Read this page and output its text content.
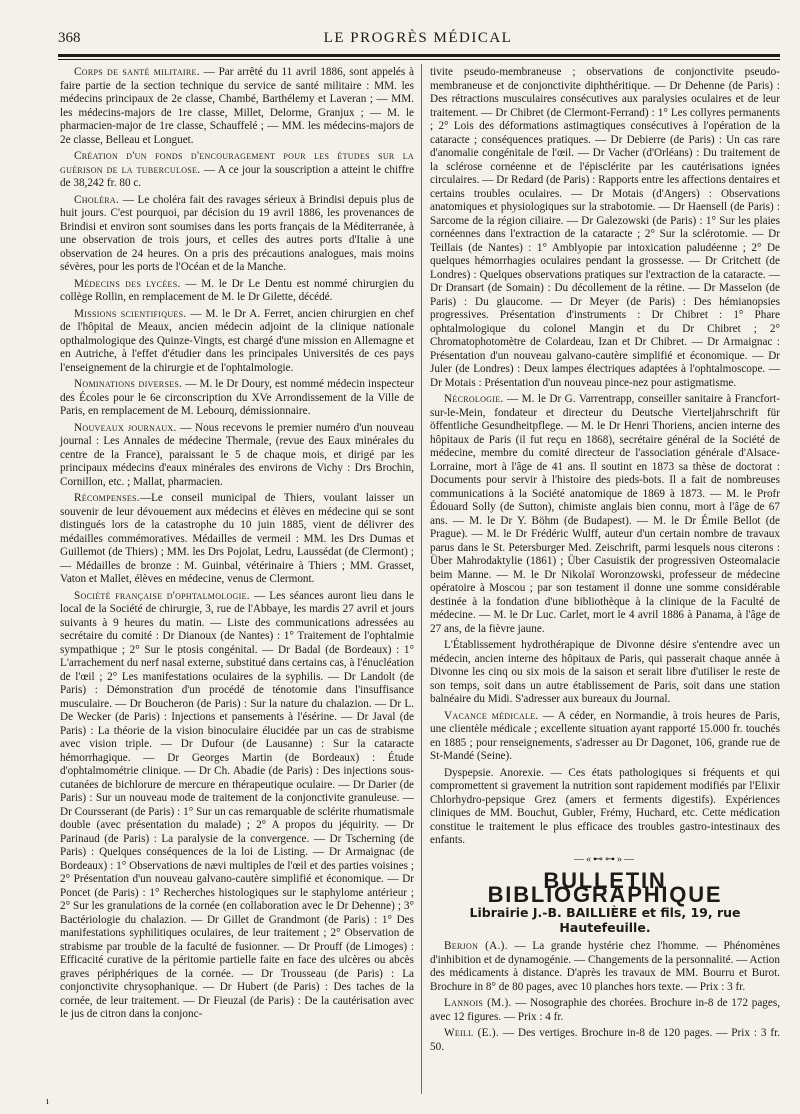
368	LE PROGRÈS MÉDICAL

Corps de santé militaire. — Par arrêté du 11 avril 1886, sont appelés à faire partie de la section technique du service de santé militaire : MM. les médecins principaux de 2e classe, Chambé, Barthélemy et Laveran ; — MM. les médecins-majors de 1re classe, Millet, Delorme, Granjux ; — M. le pharmacien-major de 1re classe, Schauffelé ; — MM. les médecins-majors de 2e classe, Belleau et Longuet.

Création d'un fonds d'encouragement pour les études sur la guérison de la tuberculose. — A ce jour la souscription a atteint le chiffre de 38,242 fr. 80 c.

Choléra. — Le choléra fait des ravages sérieux à Brindisi depuis plus de huit jours. C'est pourquoi, par décision du 19 avril 1886, les provenances de Brindisi et environ sont soumises dans les ports français de la Méditerranée, à une observation de trois jours, et celles des autres ports d'Italie à une observation de 24 heures. On a pris des précautions analogues, mais moins sévères, pour les ports de l'Océan et de la Manche.

Médecins des lycées. — M. le Dr Le Dentu est nommé chirurgien du collège Rollin, en remplacement de M. le Dr Gilette, décédé.

Missions scientifiques. — M. le Dr A. Ferret, ancien chirurgien en chef de l'hôpital de Meaux, ancien médecin adjoint de la clinique nationale opthalmologique des Quinze-Vingts, est chargé d'une mission en Allemagne et en Autriche, à l'effet d'étudier dans les principales Universités de ces pays l'enseignement de la chirurgie et de l'ophtalmologie.

Nominations diverses. — M. le Dr Doury, est nommé médecin inspecteur des Écoles pour le 6e circonscription du XVe Arrondissement de la Ville de Paris, en remplacement de M. Lebourq, démissionnaire.

Nouveaux journaux. — Nous recevons le premier numéro d'un nouveau journal : Les Annales de médecine Thermale, (revue des Eaux minérales du centre de la France), paraissant le 5 de chaque mois, et dirigé par les principaux médecins d'eaux minérales des environs de Vichy : Drs Brochin, Cornillon, etc. ; Mallat, pharmacien.

Récompenses.—Le conseil municipal de Thiers, voulant laisser un souvenir de leur dévouement aux médecins et élèves en médecine qui se sont distingués lors de la catastrophe du 10 juin 1885, vient de délivrer des médailles commémoratives. Médailles de vermeil : MM. les Drs Dumas et Guillemot (de Thiers) ; MM. les Drs Pojolat, Ledru, Laussédat (de Clermont) ; — Médailles de bronze : M. Guinbal, vétérinaire à Thiers ; MM. Grasset, Vaton et Mallet, élèves en médecine, venus de Clermont.

Société française d'ophtalmologie. — Les séances auront lieu dans le local de la Société de chirurgie, 3, rue de l'Abbaye, les mardis 27 avril et jours suivants à 9 heures du matin. — Liste des communications adressées au secrétaire du comité : Dr Dianoux (de Nantes) : 1° Traitement de l'ophtalmie sympathique ; 2° Sur le ptosis congénital. — Dr Badal (de Bordeaux) : 1° L'arrachement du nerf nasal externe, substitué dans certains cas, à l'énucléation de l'œil ; 2° Les manifestations oculaires de la syphilis. — Dr Landolt (de Paris) : Démonstration d'un procédé de ténotomie dans l'insuffisance musculaire. — Dr Boucheron (de Paris) : Sur la nature du chalazion. — Dr L. De Wecker (de Paris) : Injections et pansements à l'ésérine. — Dr Javal (de Paris) : La théorie de la vision binoculaire élucidée par un cas de strabisme avec vision triple. — Dr Dufour (de Lausanne) : Sur la cataracte hémorrhagique. — Dr Georges Martin (de Bordeaux) : Étude d'ophtalmométrie clinique. — Dr Ch. Abadie (de Paris) : Des injections sous-cutanées de bichlorure de mercure en thérapeutique oculaire. — Dr Darier (de Paris) : Sur un nouveau mode de traitement de la conjonctivite granuleuse. — Dr Coursserant (de Paris) : 1° Sur un cas remarquable de sclérite rhumatismale double (avec présentation du malade) ; 2° A propos du jéquirity. — Dr Parinaud (de Paris) : La paralysie de la convergence. — Dr Tscherning (de Paris) : Quelques conséquences de la loi de Listing. — Dr Armaignac (de Bordeaux) : 1° Observations de nævi multiples de l'œil et des parties voisines ; 2° Présentation d'un nouveau galvano-cautère simplifié et économique. — Dr Poncet (de Paris) : 1° Recherches histologiques sur le staphylome antérieur ; 2° Sur les granulations de la cornée (en collaboration avec le Dr Dehenne) ; 3° Bactériologie du chalazion. — Dr Gillet de Grandmont (de Paris) : 1° Des manifestations syphilitiques oculaires, de leur traitement ; 2° Observation de strabisme par trouble de la faculté de fusionner. — Dr Prouff (de Limoges) : Efficacité curative de la péritomie partielle faite en face des ulcères ou abcès graves périphériques de la cornée. — Dr Trousseau (de Paris) : La conjonctivite chrysophanique. — Dr Hubert (de Paris) : Des taches de la cornée, de leur traitement. — Dr Fieuzal (de Paris) : De la cautérisation avec le jus de citron dans la conjonc-

tivite pseudo-membraneuse ; observations de conjonctivite pseudo-membraneuse et de conjonctivite diphthéritique. — Dr Dehenne (de Paris) : Des rétractions musculaires consécutives aux paralysies oculaires et de leur traitement. — Dr Chibret (de Clermont-Ferrand) : 1° Les collyres permanents ; 2° Lois des déformations astimagtiques consécutives à l'opération de la cataracte ; conséquences pratiques. — Dr Debierre (de Paris) : Un cas rare d'anomalie congénitale de l'œil. — Dr Vacher (d'Orléans) : Du traitement de la sclérose cornéenne et de l'épisclérite par les cautérisations ignées circulaires. — Dr Redard (de Paris) : Rapports entre les affections dentaires et certains troubles oculaires. — Dr Motais (d'Angers) : Observations anatomiques et physiologiques sur la strabotomie. — Dr Haensell (de Paris) : Sarcome de la région ciliaire. — Dr Galezowski (de Paris) : 1° Sur les plaies cornéennes dans l'extraction de la cataracte ; 2° Sur la sclérotomie. — Dr Teillais (de Nantes) : 1° Amblyopie par intoxication paludéenne ; 2° De quelques hémorrhagies oculaires pendant la grossesse. — Dr Critchett (de Londres) : Quelques observations pratiques sur l'extraction de la cataracte. — Dr Dransart (de Somain) : Du décollement de la rétine. — Dr Masselon (de Paris) : Du glaucome. — Dr Meyer (de Paris) : Des hémianopsies progressives. Présentation d'instruments : Dr Chibret : 1° Phare ophtalmologique du colonel Mangin et du Dr Chibret ; 2° Chromatophotomètre de Colardeau, Izan et Dr Chibret. — Dr Armaignac : Présentation d'un nouveau galvano-cautère simplifié et économique. — Dr Juler (de Londres) : Deux lampes électriques adaptées à l'ophtalmoscope. — Dr Motais : Présentation d'un nouveau pince-nez pour astigmatisme.

Nécrologie. — M. le Dr G. Varrentrapp, conseiller sanitaire à Francfort-sur-le-Mein, fondateur et directeur du Deutsche Vierteljahrschrift für öffentliche Gesundheitpflege. — M. le Dr Henri Thoriens, ancien interne des hôpitaux de Paris (il fut reçu en 1868), secrétaire général de la Société de médecine, membre du comité directeur de l'association générale d'Alsace-Lorraine, mort à l'âge de 41 ans. Il soutint en 1873 sa thèse de doctorat : Documents pour servir à l'histoire des pieds-bots. Il a fait de nombreuses communications à la Société anatomique de 1869 à 1873. — M. le Profr Édouard Solly (de Sutton), chimiste anglais bien connu, mort à l'âge de 67 ans. — M. le Dr Y. Böhm (de Budapest). — M. le Dr Émile Bellot (de Prague). — M. le Dr Frédéric Wulff, auteur d'un certain nombre de travaux parus dans le St. Petersburger Med. Zeischrift, parmi lesquels nous citerons : Über Mahrodaktylie (1861) ; Über Casuistik der progressiven Osteomalacie beim Manne. — M. le Dr Nikolaï Woronzowski, professeur de médecine opératoire à Moscou ; par son testament il donne une somme considérable destinée à la fondation d'une bibliothèque à la clinique de la Faculté de médecine. — M. le Dr Luc. Carlet, mort le 4 avril 1886 à Panama, à l'âge de 27 ans, de la fièvre jaune.

L'Établissement hydrothérapique de Divonne désire s'entendre avec un médecin, ancien interne des hôpitaux de Paris, qui passerait chaque année à Divonne les cinq ou six mois de la saison et serait libre d'utiliser le reste de son temps, soit dans un autre établissement de Paris, soit dans une station balnéaire du Midi. S'adresser aux bureaux du Journal.

Vacance médicale. — A céder, en Normandie, à trois heures de Paris, une clientèle médicale ; excellente situation ayant rapporté 15.000 fr. touchés en 1885 ; pour renseignements, s'adresser au Dr Dagonet, 106, grande rue de St-Mandé (Seine).

Dyspepsie. Anorexie. — Ces états pathologiques si fréquents et qui compromettent si gravement la nutrition sont rapidement modifiés par l'Elixir Chlorhydro-pepsique Grez (amers et ferments digestifs). Expériences cliniques de MM. Bouchut, Gubler, Frémy, Huchard, etc. Cette médication constitue le traitement le plus efficace des troubles gastro-intestinaux des enfants.

—«⊷⊶»—
BULLETIN BIBLIOGRAPHIQUE
Librairie J.-B. BAILLIÈRE et fils, 19, rue Hautefeuille.

Berjon (A.). — La grande hystérie chez l'homme. — Phénomènes d'inhibition et de dynamogénie. — Changements de la personnalité. — Action des médicaments à distance. D'après les travaux de MM. Bourru et Burot. Brochure in 8° de 80 pages, avec 10 planches hors texte. — Prix : 3 fr.

Lannois (M.). — Nosographie des chorées. Brochure in-8 de 172 pages, avec 12 figures. — Prix : 4 fr.

Weill (E.). — Des vertiges. Brochure in-8 de 120 pages. — Prix : 3 fr. 50.

ı
